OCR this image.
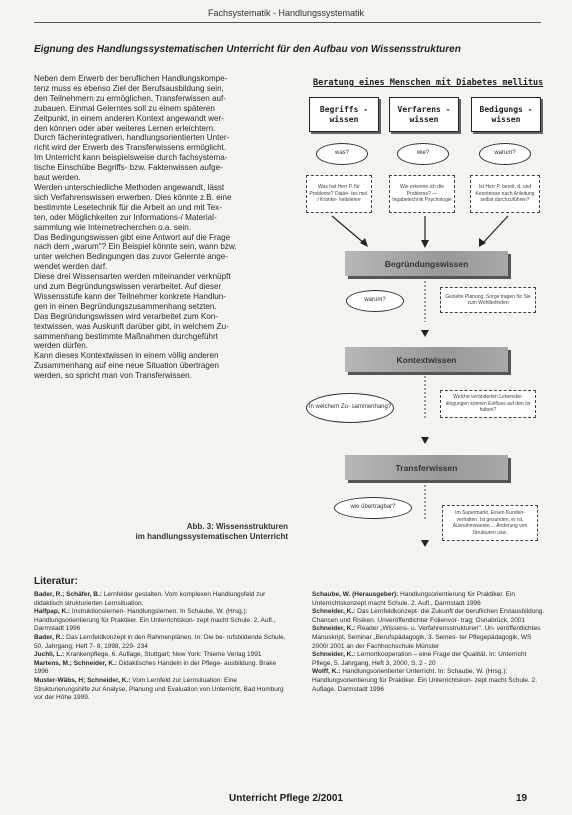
Fachsystematik - Handlungssystematik
Eignung des Handlungssystematischen Unterricht für den Aufbau von Wissensstrukturen

Neben dem Erwerb der beruflichen Handlungskompe-

tenz muss es ebenso Ziel der Berufsausbildung sein,

den Teilnehmern zu ermöglichen, Transferwissen auf-

zubauen. Einmal Gelerntes soll zu einem späteren

Zeitpunkt, in einem anderen Kontext angewandt wer-

den können oder aber weiteres Lernen erleichtern.

Durch fächerintegrativen, handlungsorientierten Unter-

richt wird der Erwerb des Transferwissens ermöglicht.

Im Unterricht kann beispielsweise durch fachsystema-

tische Einschübe Begriffs- bzw. Faktenwissen aufge-

baut werden.

Werden unterschiedliche Methoden angewandt, lässt

sich Verfahrenswissen erwerben. Dies könnte z.B. eine

bestimmte Lesetechnik für die Arbeit an und mit Tex-

ten, oder Möglichkeiten zur Informations-/ Material-

sammlung wie Internetrecherchen o.a. sein.

Das Bedingungswissen gibt eine Antwort auf die Frage

nach dem „warum"? Ein Beispiel könnte sein, wann bzw.

unter welchen Bedingungen das zuvor Gelernte ange-

wendet werden darf.

Diese drei Wissensarten werden miteinander verknüpft

und zum Begründungswissen verarbeitet. Auf dieser

Wissensstufe kann der Teilnehmer konkrete Handlun-

gen in einen Begründungszusammenhang setzten.

Das Begründungswissen wird verarbeitet zum Kon-

textwissen, was Auskunft darüber gibt, in welchem Zu-

sammenhang bestimmte Maßnahmen durchgeführt

werden dürfen.

Kann dieses Kontextwissen in einem völlig anderen

Zusammenhang auf eine neue Situation übertragen

werden, so spricht man von Transferwissen.

Abb. 3: Wissensstrukturen
im handlungssystematischen Unterricht
Beratung eines Menschen mit Diabetes mellitus
Begriffs -
wissen
Verfarens -
wissen
Bedigungs -
wissen
was?	wie?	warum?
Was hat Herr P. für Probleme? Diabe- tes mel. / Kranke- heitslehre
Wie erkenne ich die Probleme? —Ingabetechnik Psychologie
Ist Herr P. bereit, d. und Kenntnisse nach Anleitung selbst durchzuführen?
Begründungswissen
warum?
Gezielte Planung, Sorge tragen für Sie zum Wohlbefinden
Kontextwissen
In welchem Zu- sammenhang?
Welche veränderten Lebensbe- dingungen können Einfluss auf den Ist haben?
Transferwissen
wie übertragbar?
Im Supermarkt, Essen Kunden- verhalten. Ist gesunden, er ist, Ausnahmsweise,... Änderung von Strukturen usw.
Literatur:
Bader, R.; Schäfer, B.: Lernfelder gestalten. Vom komplexen Handlungsfeld zur didaktisch strukturierten Lernsituation.
Halfpap, K.: Instruktionslernen- Handlungslernen. In Schaube, W. (Hrsg.): Handlungsorientierung für Praktiker. Ein Unterrichtskon- zept macht Schule. 2. Aufl., Darmstadt 1996
Bader, R.: Das Lernfeldkonzept in den Rahmenplänen. In: Die be- rufsbildende Schule, 50. Jahrgang; Heft 7- 8, 1998, 229- 234
Juchli, L.: Krankenpflege, 6. Auflage, Stuttgart; New York: Thieme Verlag 1991
Martens, M.; Schneider, K.: Didaktisches Handeln in der Pflege- ausbildung. Brake 1996
Muster-Wäbs, H; Schneider, K.: Vom Lernfeld zur Lernsituation: Eine Strukturierungshilfe zur Analyse, Planung und Evaluation von Unterricht. Bad Homburg vor der Höhe 1999.
Schaube, W. (Herausgeber): Handlungsorientierung für Praktiker. Ein Unterrichtskonzept macht Schule. 2. Aufl., Darmstadt 1996
Schneider, K.: Das Lernfeldkonzept- die Zukunft der beruflichen Erstausbildung. Chancen und Risiken. Unveröffentlichter Folienvor- trag; Osnabrück, 2001
Schneider, K.: Reader „Wissens- u. Verfahrensstrukturen". Un- veröffentlichtes Manuskript, Seminar „Berufspädagogik, 3. Semes- ter Pflegepädagogik, WS 2000/ 2001 an der Fachhochschule Münster
Schneider, K.: Lernortkooperation – eine Frage der Qualität. In: Unterricht Pflege, 5. Jahrgang, Heft 3, 2000, S. 2 - 20
Wolff, K.: Handlungsorientierter Unterricht. In: Schaube, W. (Hrsg.): Handlungsorientierung für Praktiker. Ein Unterrichtskon- zept macht Schule. 2. Auflage. Darmstadt 1996
Unterricht Pflege 2/2001	19
